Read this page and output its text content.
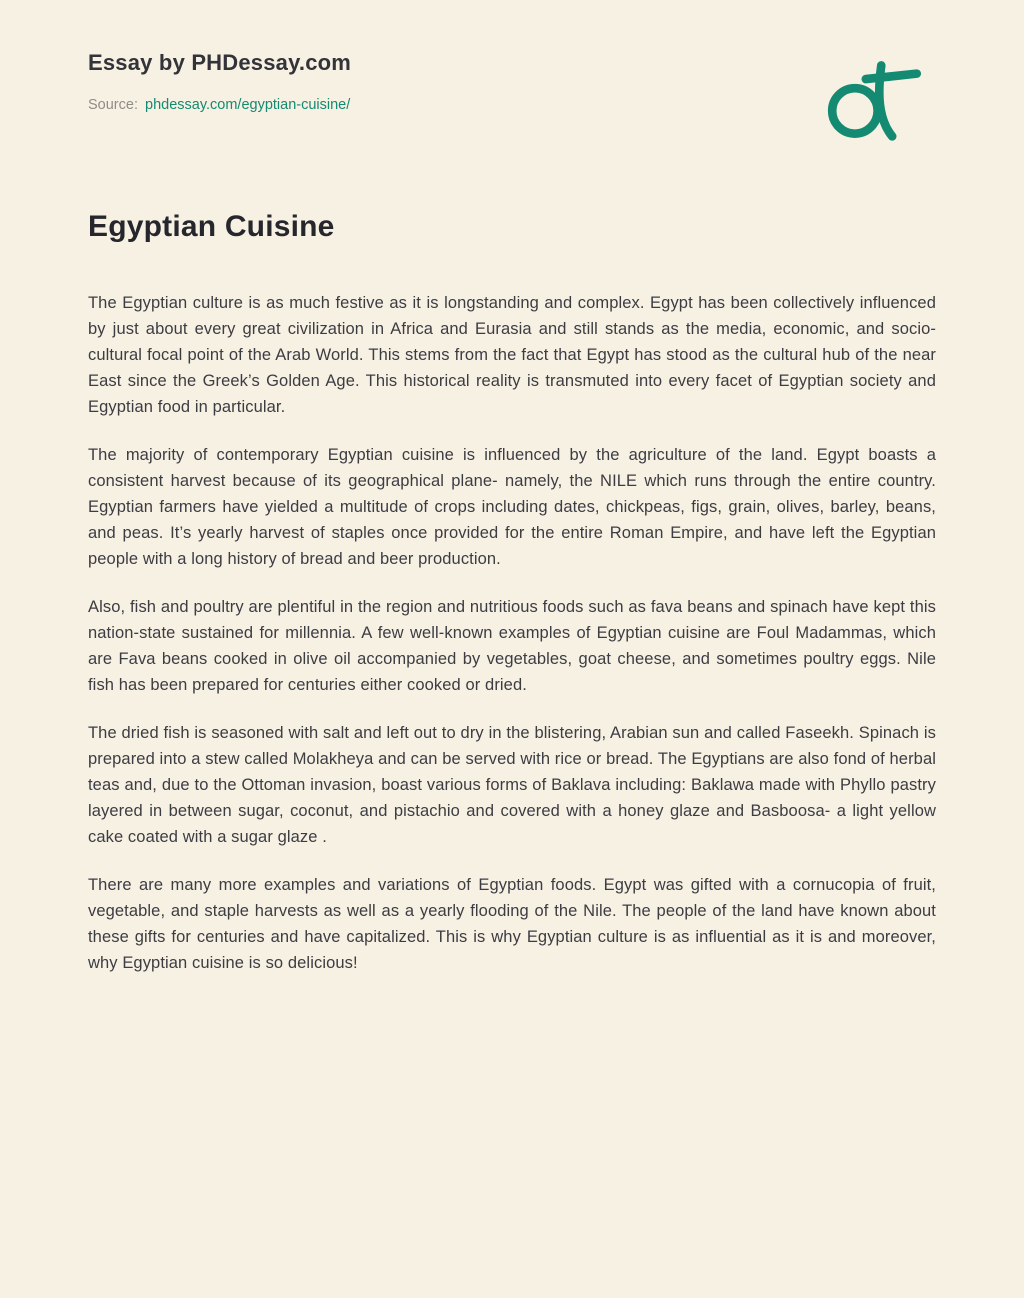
Essay by PHDessay.com

Source: phdessay.com/egyptian-cuisine/

Egyptian Cuisine

The Egyptian culture is as much festive as it is longstanding and complex. Egypt has been collectively influenced by just about every great civilization in Africa and Eurasia and still stands as the media, economic, and socio-cultural focal point of the Arab World. This stems from the fact that Egypt has stood as the cultural hub of the near East since the Greek’s Golden Age. This historical reality is transmuted into every facet of Egyptian society and Egyptian food in particular.

The majority of contemporary Egyptian cuisine is influenced by the agriculture of the land. Egypt boasts a consistent harvest because of its geographical plane- namely, the NILE which runs through the entire country. Egyptian farmers have yielded a multitude of crops including dates, chickpeas, figs, grain, olives, barley, beans, and peas. It’s yearly harvest of staples once provided for the entire Roman Empire, and have left the Egyptian people with a long history of bread and beer production.

Also, fish and poultry are plentiful in the region and nutritious foods such as fava beans and spinach have kept this nation-state sustained for millennia. A few well-known examples of Egyptian cuisine are Foul Madammas, which are Fava beans cooked in olive oil accompanied by vegetables, goat cheese, and sometimes poultry eggs. Nile fish has been prepared for centuries either cooked or dried.

The dried fish is seasoned with salt and left out to dry in the blistering, Arabian sun and called Faseekh. Spinach is prepared into a stew called Molakheya and can be served with rice or bread. The Egyptians are also fond of herbal teas and, due to the Ottoman invasion, boast various forms of Baklava including: Baklawa made with Phyllo pastry layered in between sugar, coconut, and pistachio and covered with a honey glaze and Basboosa- a light yellow cake coated with a sugar glaze .

There are many more examples and variations of Egyptian foods. Egypt was gifted with a cornucopia of fruit, vegetable, and staple harvests as well as a yearly flooding of the Nile. The people of the land have known about these gifts for centuries and have capitalized. This is why Egyptian culture is as influential as it is and moreover, why Egyptian cuisine is so delicious!
